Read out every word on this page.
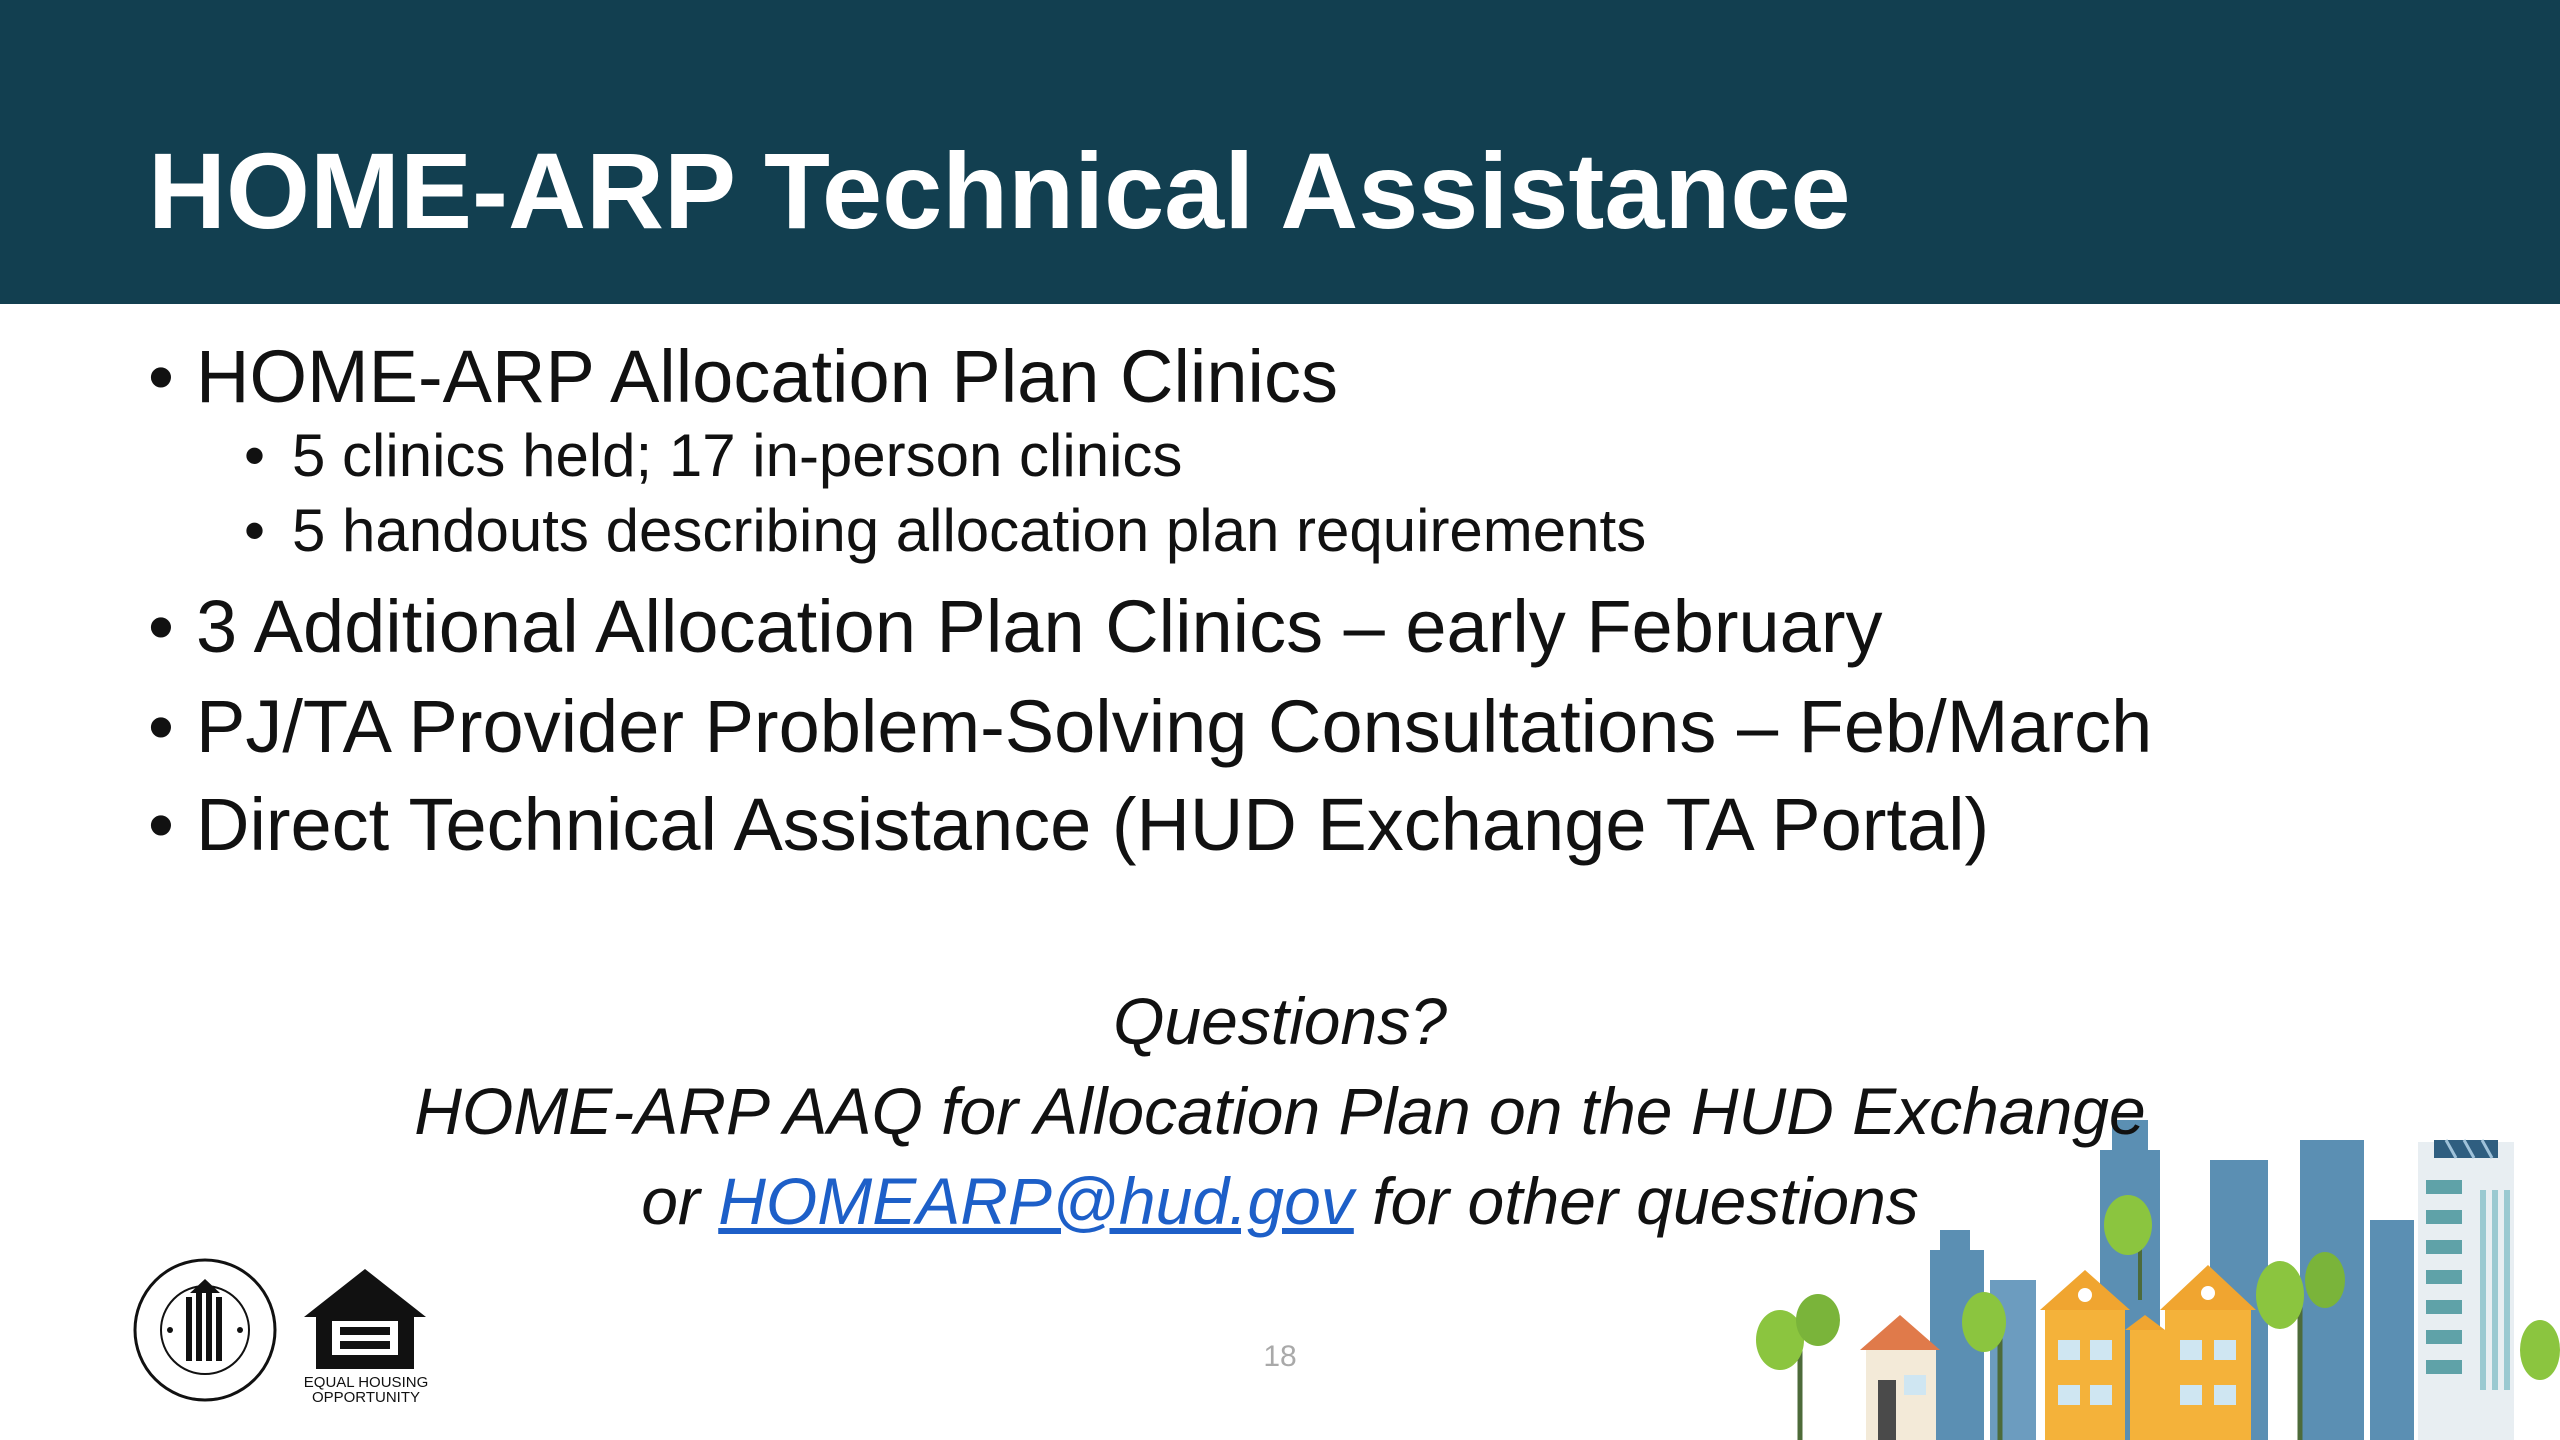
HOME-ARP Technical Assistance
• HOME-ARP Allocation Plan Clinics
• 5 clinics held; 17 in-person clinics
• 5 handouts describing allocation plan requirements
• 3 Additional Allocation Plan Clinics – early February
• PJ/TA Provider Problem-Solving Consultations – Feb/March
• Direct Technical Assistance (HUD Exchange TA Portal)
Questions?
HOME-ARP AAQ for Allocation Plan on the HUD Exchange
or HOMEARP@hud.gov for other questions
EQUAL HOUSING OPPORTUNITY
18
